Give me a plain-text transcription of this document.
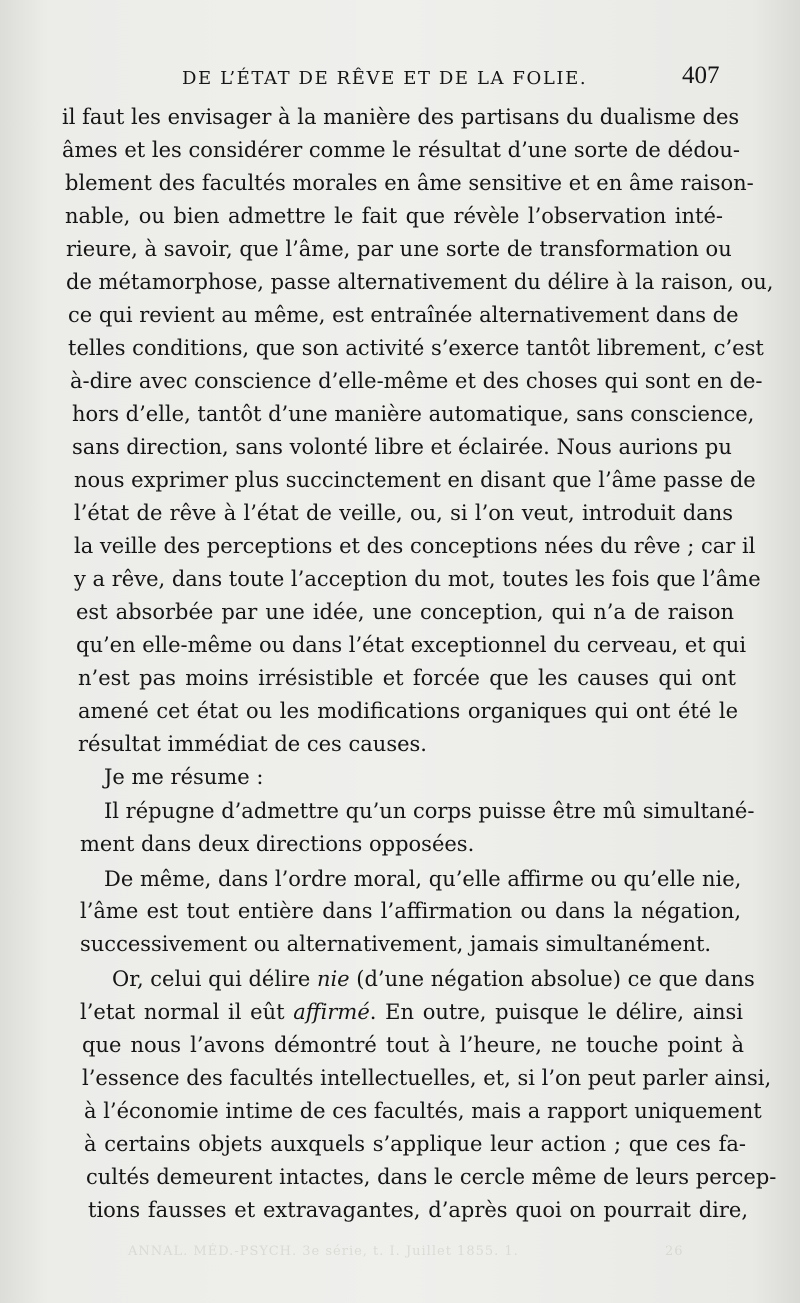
DE L’ÉTAT DE RÊVE ET DE LA FOLIE.	407
il faut les envisager à la manière des partisans du dualisme des
âmes et les considérer comme le résultat d’une sorte de dédou-
blement des facultés morales en âme sensitive et en âme raison-
nable, ou bien admettre le fait que révèle l’observation inté-
rieure, à savoir, que l’âme, par une sorte de transformation ou
de métamorphose, passe alternativement du délire à la raison, ou,
ce qui revient au même, est entraînée alternativement dans de
telles conditions, que son activité s’exerce tantôt librement, c’est
à-dire avec conscience d’elle-même et des choses qui sont en de-
hors d’elle, tantôt d’une manière automatique, sans conscience,
sans direction, sans volonté libre et éclairée. Nous aurions pu
nous exprimer plus succinctement en disant que l’âme passe de
l’état de rêve à l’état de veille, ou, si l’on veut, introduit dans
la veille des perceptions et des conceptions nées du rêve ; car il
y a rêve, dans toute l’acception du mot, toutes les fois que l’âme
est absorbée par une idée, une conception, qui n’a de raison
qu’en elle-même ou dans l’état exceptionnel du cerveau, et qui
n’est pas moins irrésistible et forcée que les causes qui ont
amené cet état ou les modifications organiques qui ont été le
résultat immédiat de ces causes.
Je me résume :
Il répugne d’admettre qu’un corps puisse être mû simultané-
ment dans deux directions opposées.
De même, dans l’ordre moral, qu’elle affirme ou qu’elle nie,
l’âme est tout entière dans l’affirmation ou dans la négation,
successivement ou alternativement, jamais simultanément.
Or, celui qui délire nie (d’une négation absolue) ce que dans
l’etat normal il eût affirmé. En outre, puisque le délire, ainsi
que nous l’avons démontré tout à l’heure, ne touche point à
l’essence des facultés intellectuelles, et, si l’on peut parler ainsi,
à l’économie intime de ces facultés, mais a rapport uniquement
à certains objets auxquels s’applique leur action ; que ces fa-
cultés demeurent intactes, dans le cercle même de leurs percep-
tions fausses et extravagantes, d’après quoi on pourrait dire,
ANNAL. MÉD.-PSYCH. 3e série, t. I. Juillet 1855. 1.	26
